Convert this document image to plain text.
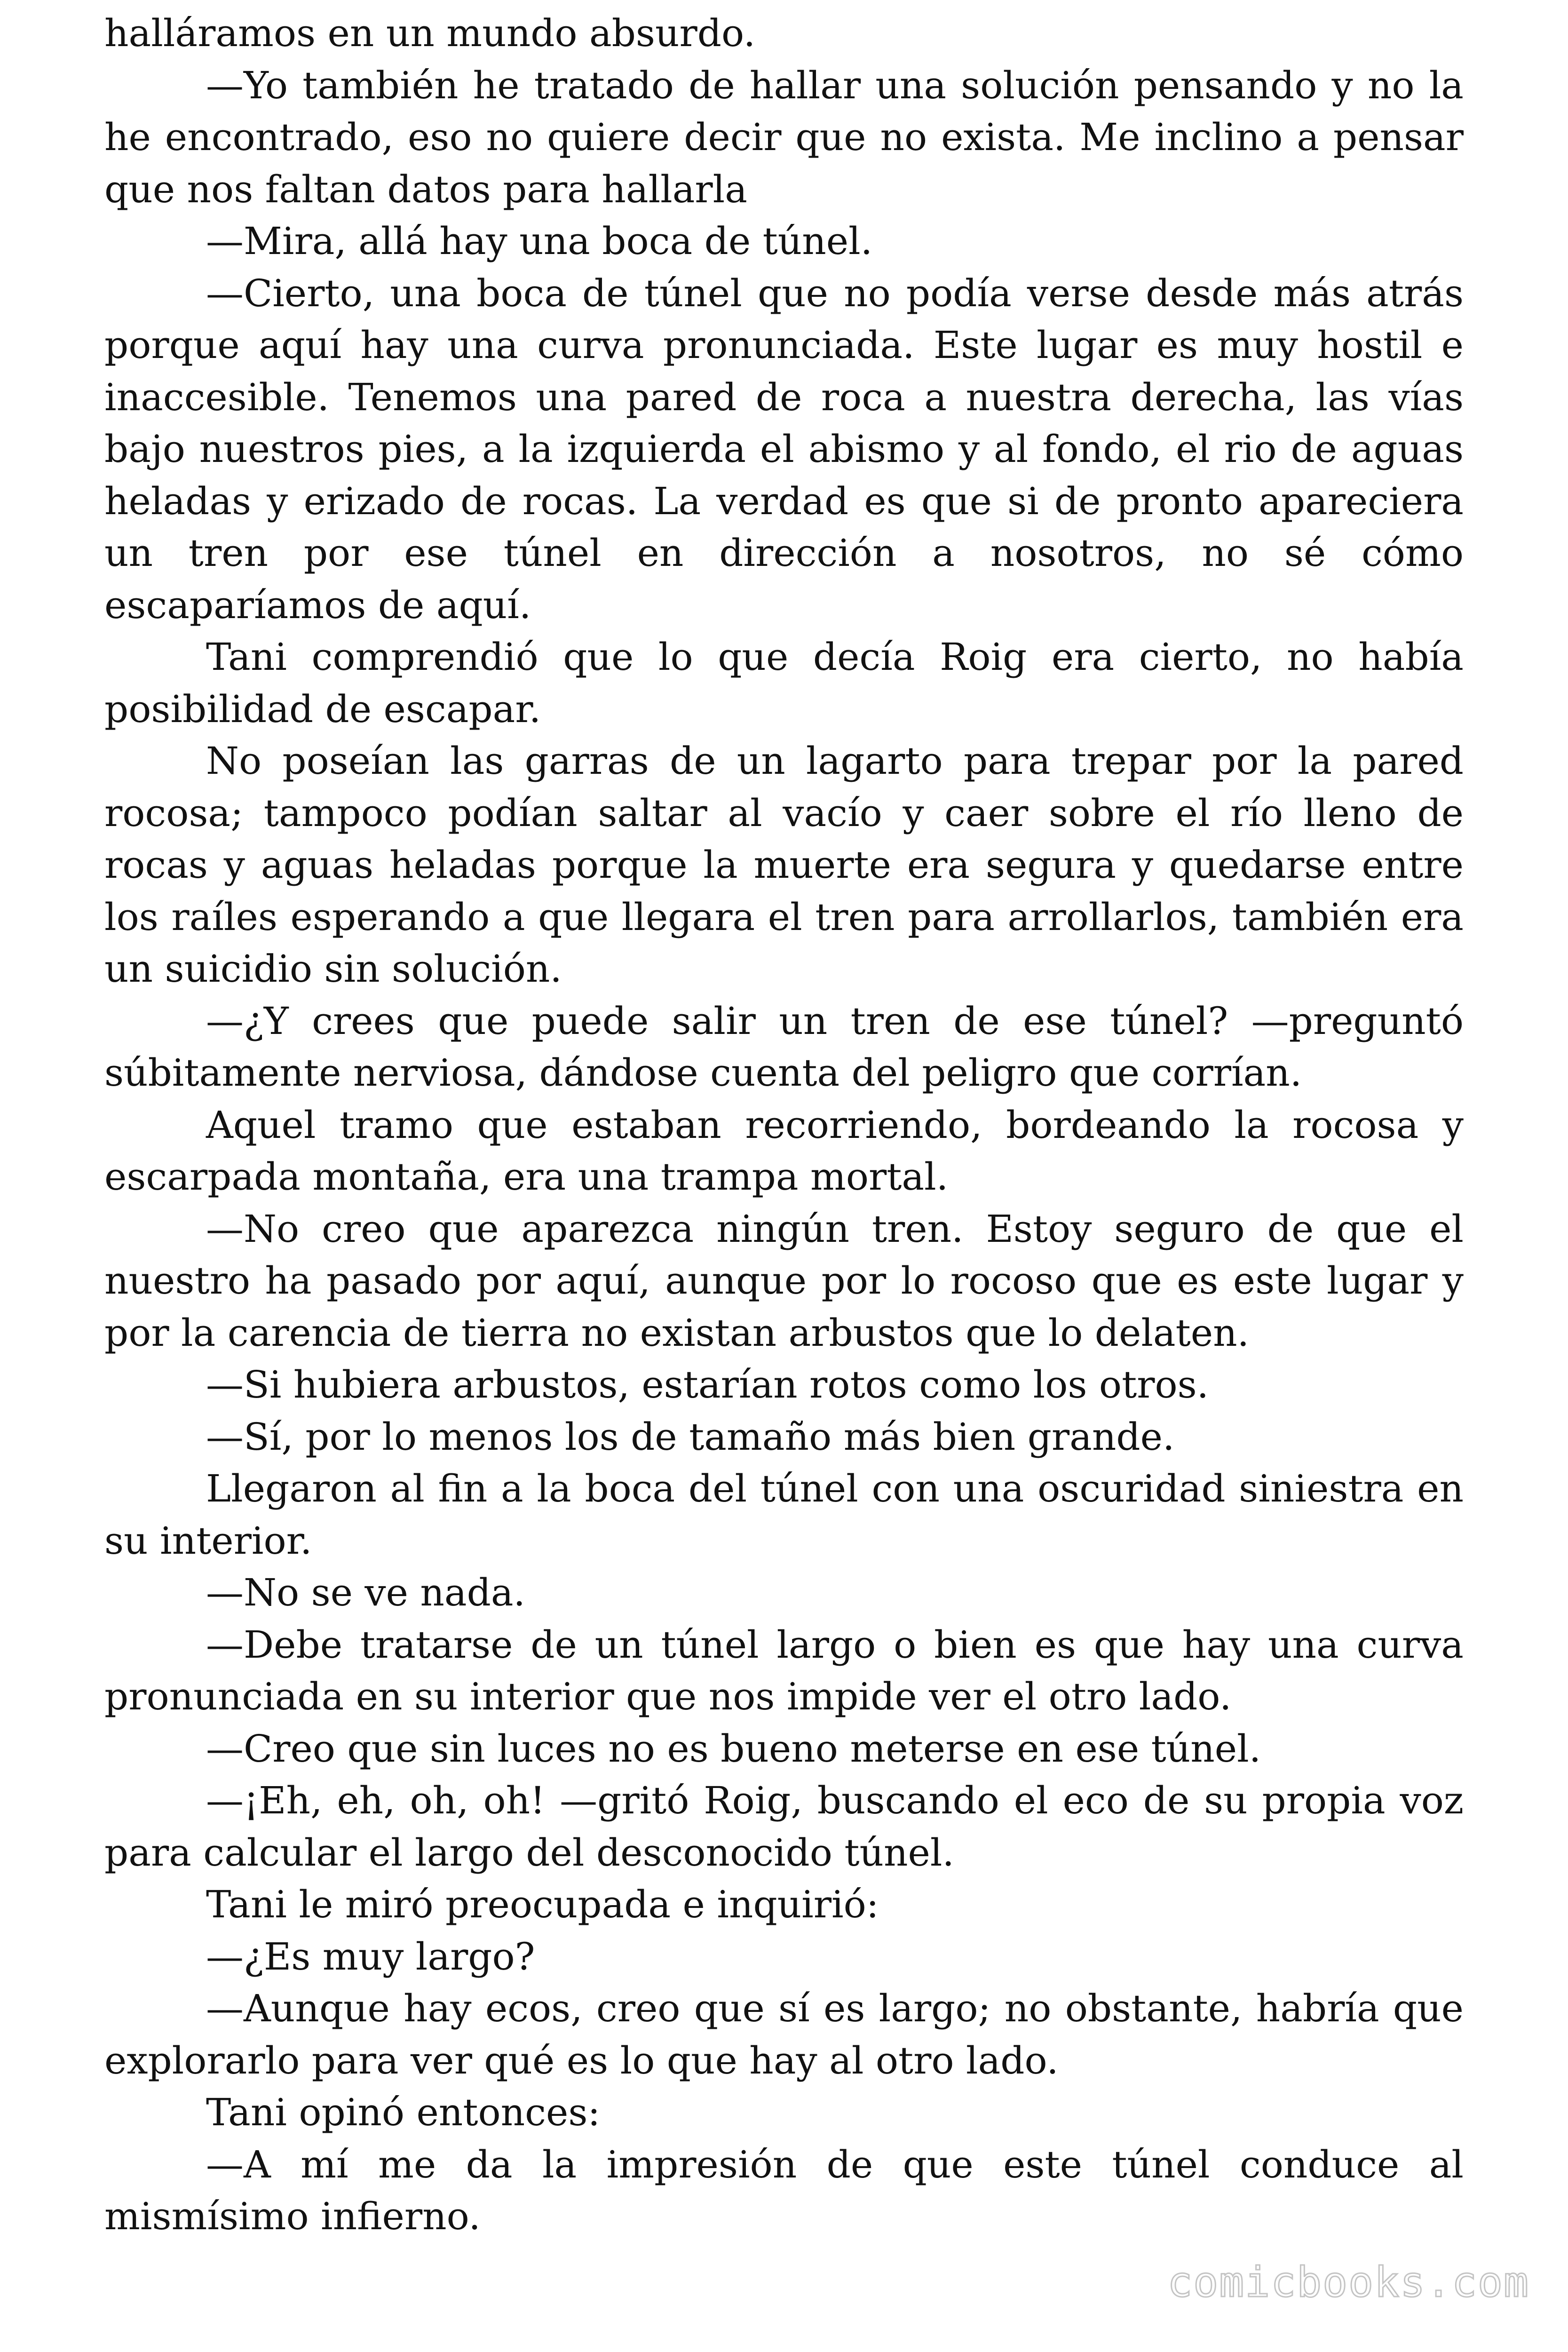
halláramos en un mundo absurdo.

—Yo también he tratado de hallar una solución pensando y no la he encontrado, eso no quiere decir que no exista. Me inclino a pensar que nos faltan datos para hallarla

—Mira, allá hay una boca de túnel.

—Cierto, una boca de túnel que no podía verse desde más atrás porque aquí hay una curva pronunciada. Este lugar es muy hostil e inaccesible. Tenemos una pared de roca a nuestra derecha, las vías bajo nuestros pies, a la izquierda el abismo y al fondo, el rio de aguas heladas y erizado de rocas. La verdad es que si de pronto apareciera un tren por ese túnel en dirección a nosotros, no sé cómo escaparíamos de aquí.

Tani comprendió que lo que decía Roig era cierto, no había posibilidad de escapar.

No poseían las garras de un lagarto para trepar por la pared rocosa; tampoco podían saltar al vacío y caer sobre el río lleno de rocas y aguas heladas porque la muerte era segura y quedarse entre los raíles esperando a que llegara el tren para arrollarlos, también era un suicidio sin solución.

—¿Y crees que puede salir un tren de ese túnel? —preguntó súbitamente nerviosa, dándose cuenta del peligro que corrían.

Aquel tramo que estaban recorriendo, bordeando la rocosa y escarpada montaña, era una trampa mortal.

—No creo que aparezca ningún tren. Estoy seguro de que el nuestro ha pasado por aquí, aunque por lo rocoso que es este lugar y por la carencia de tierra no existan arbustos que lo delaten.

—Si hubiera arbustos, estarían rotos como los otros.

—Sí, por lo menos los de tamaño más bien grande.

Llegaron al fin a la boca del túnel con una oscuridad siniestra en su interior.

—No se ve nada.

—Debe tratarse de un túnel largo o bien es que hay una curva pronunciada en su interior que nos impide ver el otro lado.

—Creo que sin luces no es bueno meterse en ese túnel.

—¡Eh, eh, oh, oh! —gritó Roig, buscando el eco de su propia voz para calcular el largo del desconocido túnel.

Tani le miró preocupada e inquirió:

—¿Es muy largo?

—Aunque hay ecos, creo que sí es largo; no obstante, habría que explorarlo para ver qué es lo que hay al otro lado.

Tani opinó entonces:

—A mí me da la impresión de que este túnel conduce al mismísimo infierno.

comicbooks.com
